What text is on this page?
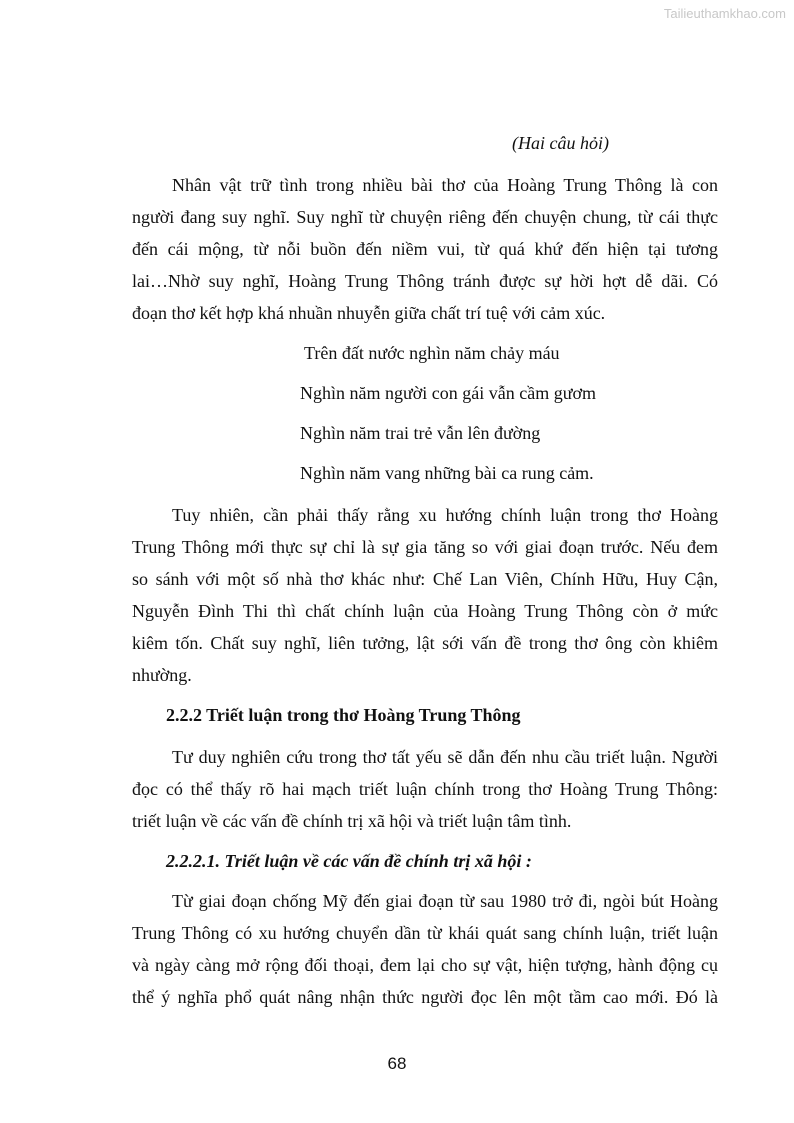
Tailieuthamkhao.com
(Hai câu hỏi)
Nhân vật trữ tình trong nhiều bài thơ của Hoàng Trung Thông là con
người đang suy nghĩ. Suy nghĩ từ chuyện riêng đến chuyện chung, từ cái thực
đến cái mộng, từ nỗi buồn đến niềm vui, từ quá khứ đến hiện tại tương
lai…Nhờ suy nghĩ, Hoàng Trung Thông tránh được sự hời hợt dễ dãi. Có
đoạn thơ kết hợp khá nhuần nhuyễn giữa chất trí tuệ với cảm xúc.
Trên đất nước nghìn năm chảy máu
Nghìn năm người con gái vẫn cầm gươm
Nghìn năm trai trẻ vẫn lên đường
Nghìn năm vang những bài ca rung cảm.
Tuy nhiên, cần phải thấy rằng xu hướng chính luận trong thơ Hoàng
Trung Thông mới thực sự chỉ là sự gia tăng so với giai đoạn trước. Nếu đem
so sánh với một số nhà thơ khác như: Chế Lan Viên, Chính Hữu, Huy Cận,
Nguyễn Đình Thi thì chất chính luận của Hoàng Trung Thông còn ở mức
kiêm tốn. Chất suy nghĩ, liên tưởng, lật sới vấn đề trong thơ ông còn khiêm
nhường.
2.2.2 Triết luận trong thơ Hoàng Trung Thông
Tư duy nghiên cứu trong thơ tất yếu sẽ dẫn đến nhu cầu triết luận. Người
đọc có thể thấy rõ hai mạch triết luận chính trong thơ Hoàng Trung Thông:
triết luận về các vấn đề chính trị xã hội và triết luận tâm tình.
2.2.2.1. Triết luận về các vấn đề chính trị xã hội :
Từ giai đoạn chống Mỹ đến giai đoạn từ sau 1980 trở đi, ngòi bút Hoàng
Trung Thông có xu hướng chuyển dần từ khái quát sang chính luận, triết luận
và ngày càng mở rộng đối thoại, đem lại cho sự vật, hiện tượng, hành động cụ
thể ý nghĩa phổ quát nâng nhận thức người đọc lên một tầm cao mới. Đó là
68
